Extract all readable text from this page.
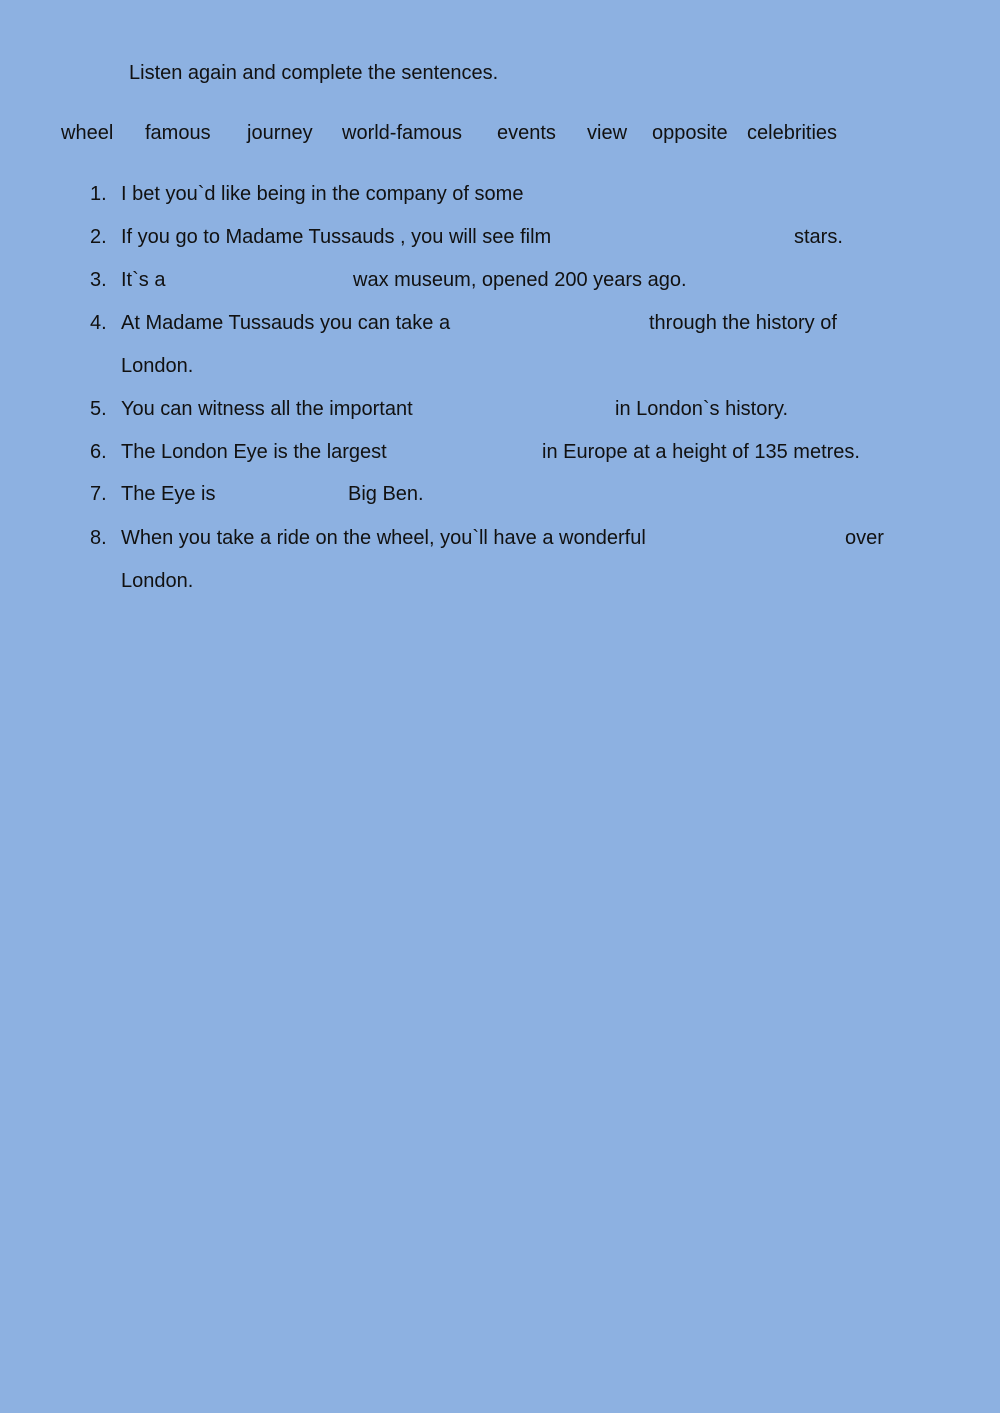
Listen again and complete the sentences.
wheel famous journey world-famous events view opposite celebrities
1. I bet you`d like being in the company of some
2. If you go to Madame Tussauds , you will see film	stars.
3. It`s a	wax museum, opened 200 years ago.
4. At Madame Tussauds you can take a	through the history of
London.
5. You can witness all the important	in London`s history.
6. The London Eye is the largest	in Europe at a height of 135 metres.
7. The Eye is	Big Ben.
8. When you take a ride on the wheel, you`ll have a wonderful	over
London.
